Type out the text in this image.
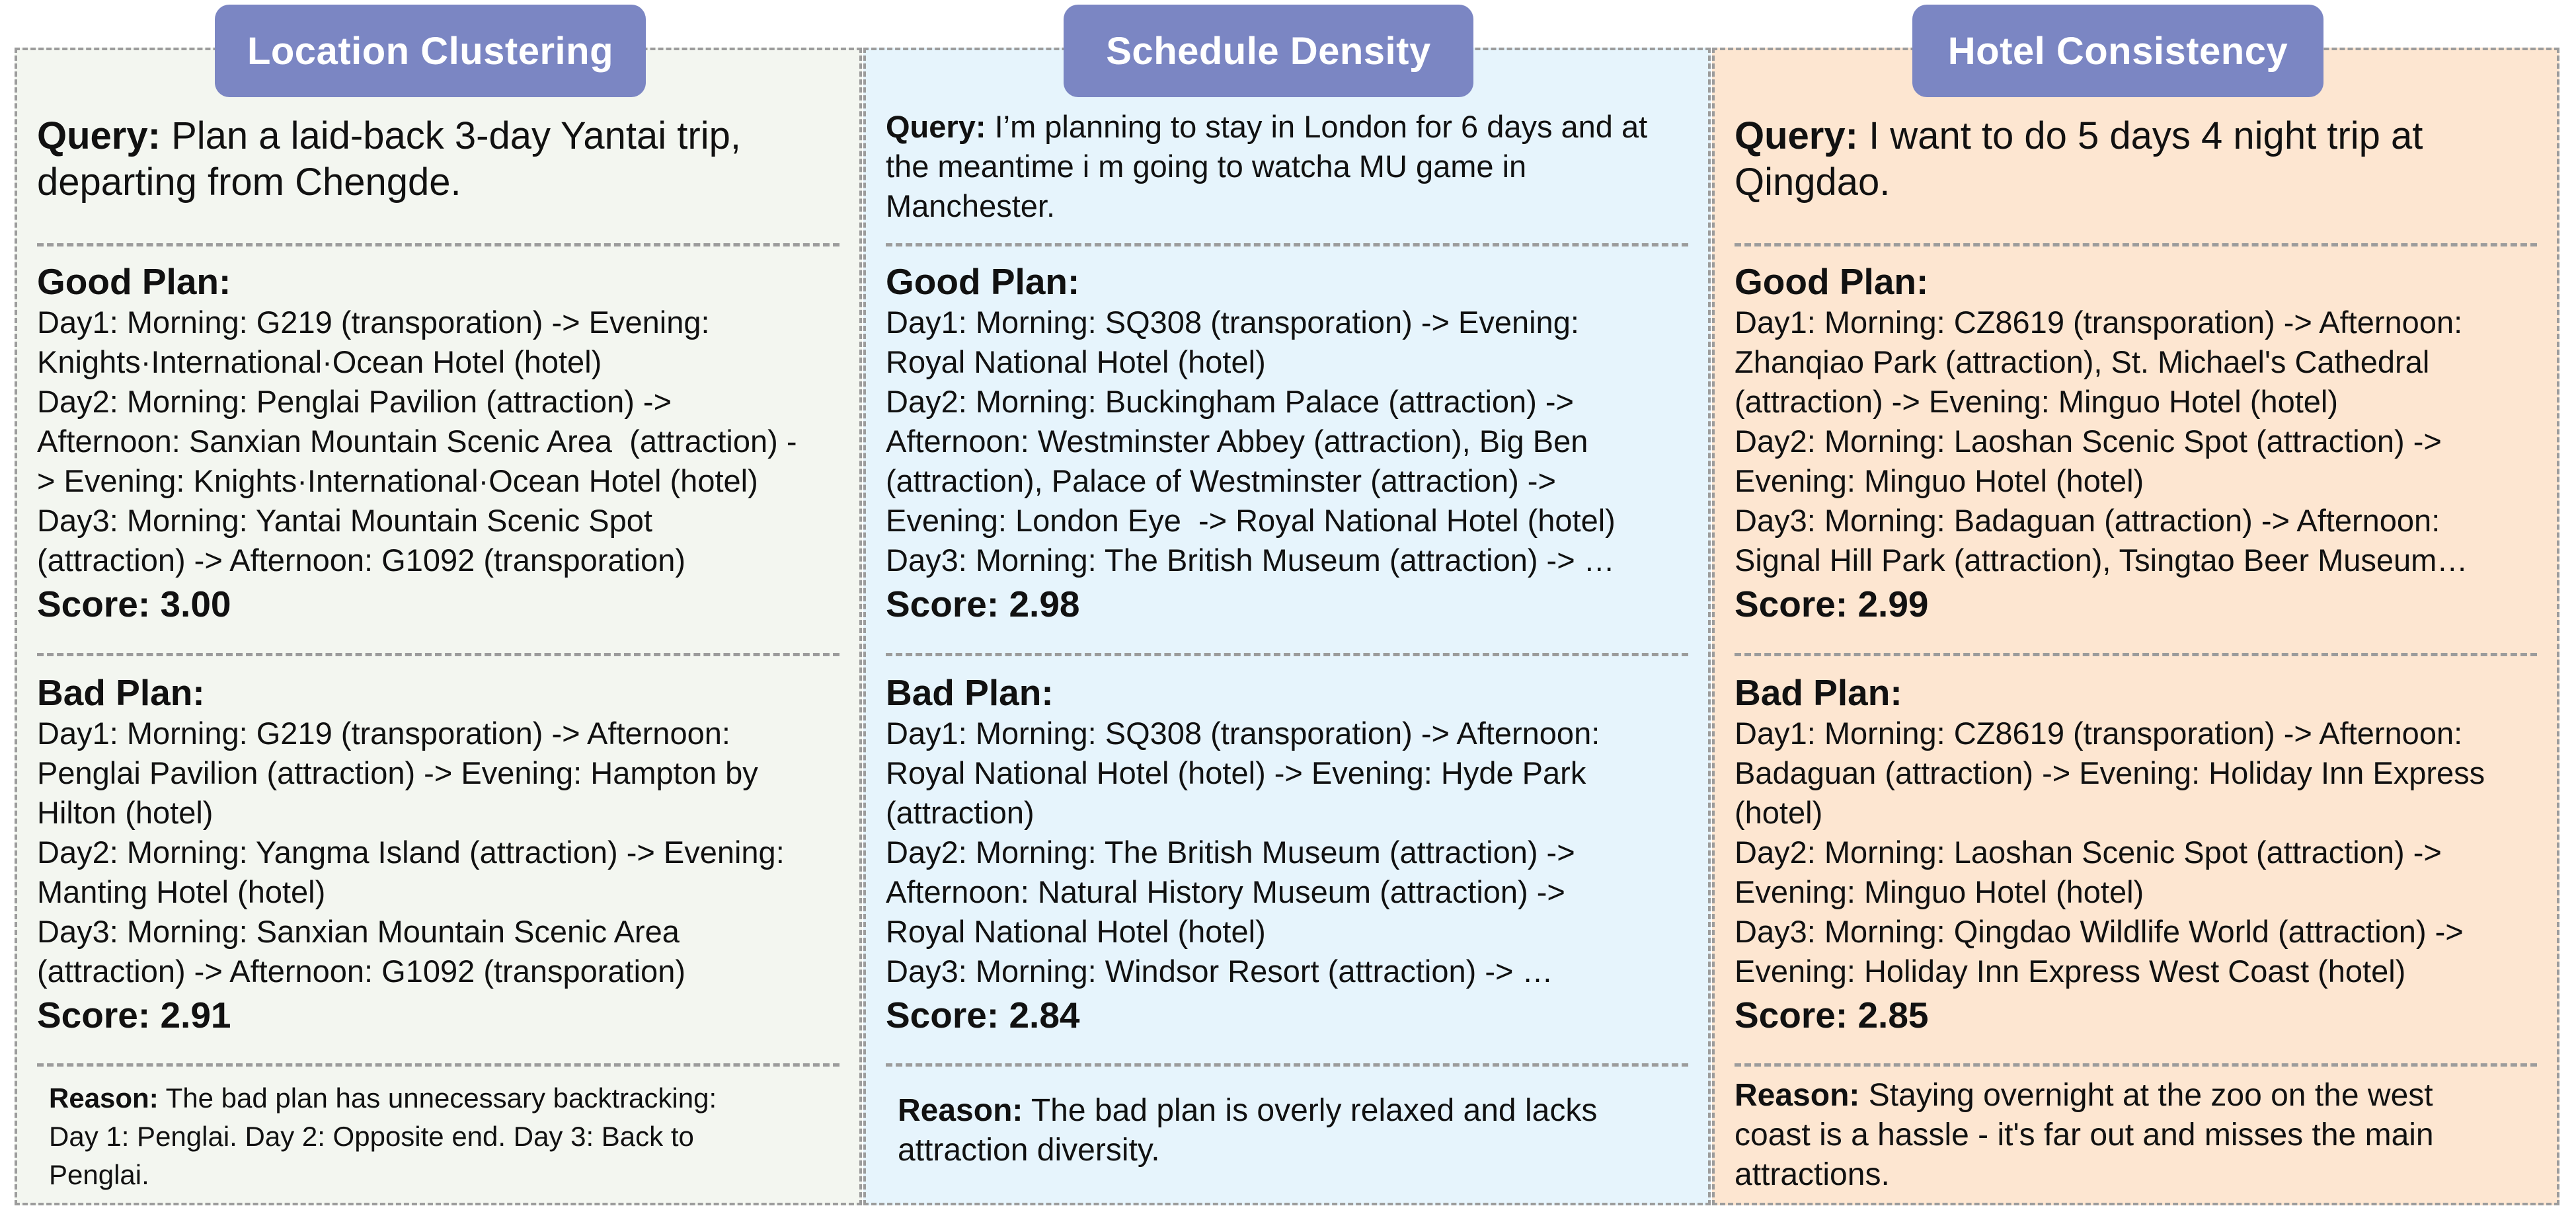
Query: Plan a laid-back 3-day Yantai trip, departing from Chengde.
Good Plan:
Day1: Morning: G219 (transporation) -> Evening:
Knights·International·Ocean Hotel (hotel)
Day2: Morning: Penglai Pavilion (attraction) ->
Afternoon: Sanxian Mountain Scenic Area  (attraction) -
> Evening: Knights·International·Ocean Hotel (hotel)
Day3: Morning: Yantai Mountain Scenic Spot
(attraction) -> Afternoon: G1092 (transporation)
Score: 3.00
Bad Plan:
Day1: Morning: G219 (transporation) -> Afternoon:
Penglai Pavilion (attraction) -> Evening: Hampton by
Hilton (hotel)
Day2: Morning: Yangma Island (attraction) -> Evening:
Manting Hotel (hotel)
Day3: Morning: Sanxian Mountain Scenic Area
(attraction) -> Afternoon: G1092 (transporation)
Score: 2.91
Reason: The bad plan has unnecessary backtracking:
Day 1: Penglai. Day 2: Opposite end. Day 3: Back to
Penglai.
Location Clustering
Query: I’m planning to stay in London for 6 days and at the meantime i m going to watcha MU game in Manchester.
Good Plan:
Day1: Morning: SQ308 (transporation) -> Evening:
Royal National Hotel (hotel)
Day2: Morning: Buckingham Palace (attraction) ->
Afternoon: Westminster Abbey (attraction), Big Ben
(attraction), Palace of Westminster (attraction) ->
Evening: London Eye  -> Royal National Hotel (hotel)
Day3: Morning: The British Museum (attraction) -> …
Score: 2.98
Bad Plan:
Day1: Morning: SQ308 (transporation) -> Afternoon:
Royal National Hotel (hotel) -> Evening: Hyde Park
(attraction)
Day2: Morning: The British Museum (attraction) ->
Afternoon: Natural History Museum (attraction) ->
Royal National Hotel (hotel)
Day3: Morning: Windsor Resort (attraction) -> …
Score: 2.84
Reason: The bad plan is overly relaxed and lacks
attraction diversity.
Schedule Density
Query: I want to do 5 days 4 night trip at Qingdao.
Good Plan:
Day1: Morning: CZ8619 (transporation) -> Afternoon:
Zhanqiao Park (attraction), St. Michael's Cathedral
(attraction) -> Evening: Minguo Hotel (hotel)
Day2: Morning: Laoshan Scenic Spot (attraction) ->
Evening: Minguo Hotel (hotel)
Day3: Morning: Badaguan (attraction) -> Afternoon:
Signal Hill Park (attraction), Tsingtao Beer Museum…
Score: 2.99
Bad Plan:
Day1: Morning: CZ8619 (transporation) -> Afternoon:
Badaguan (attraction) -> Evening: Holiday Inn Express
(hotel)
Day2: Morning: Laoshan Scenic Spot (attraction) ->
Evening: Minguo Hotel (hotel)
Day3: Morning: Qingdao Wildlife World (attraction) ->
Evening: Holiday Inn Express West Coast (hotel)
Score: 2.85
Reason: Staying overnight at the zoo on the west
coast is a hassle - it's far out and misses the main
attractions.
Hotel Consistency
